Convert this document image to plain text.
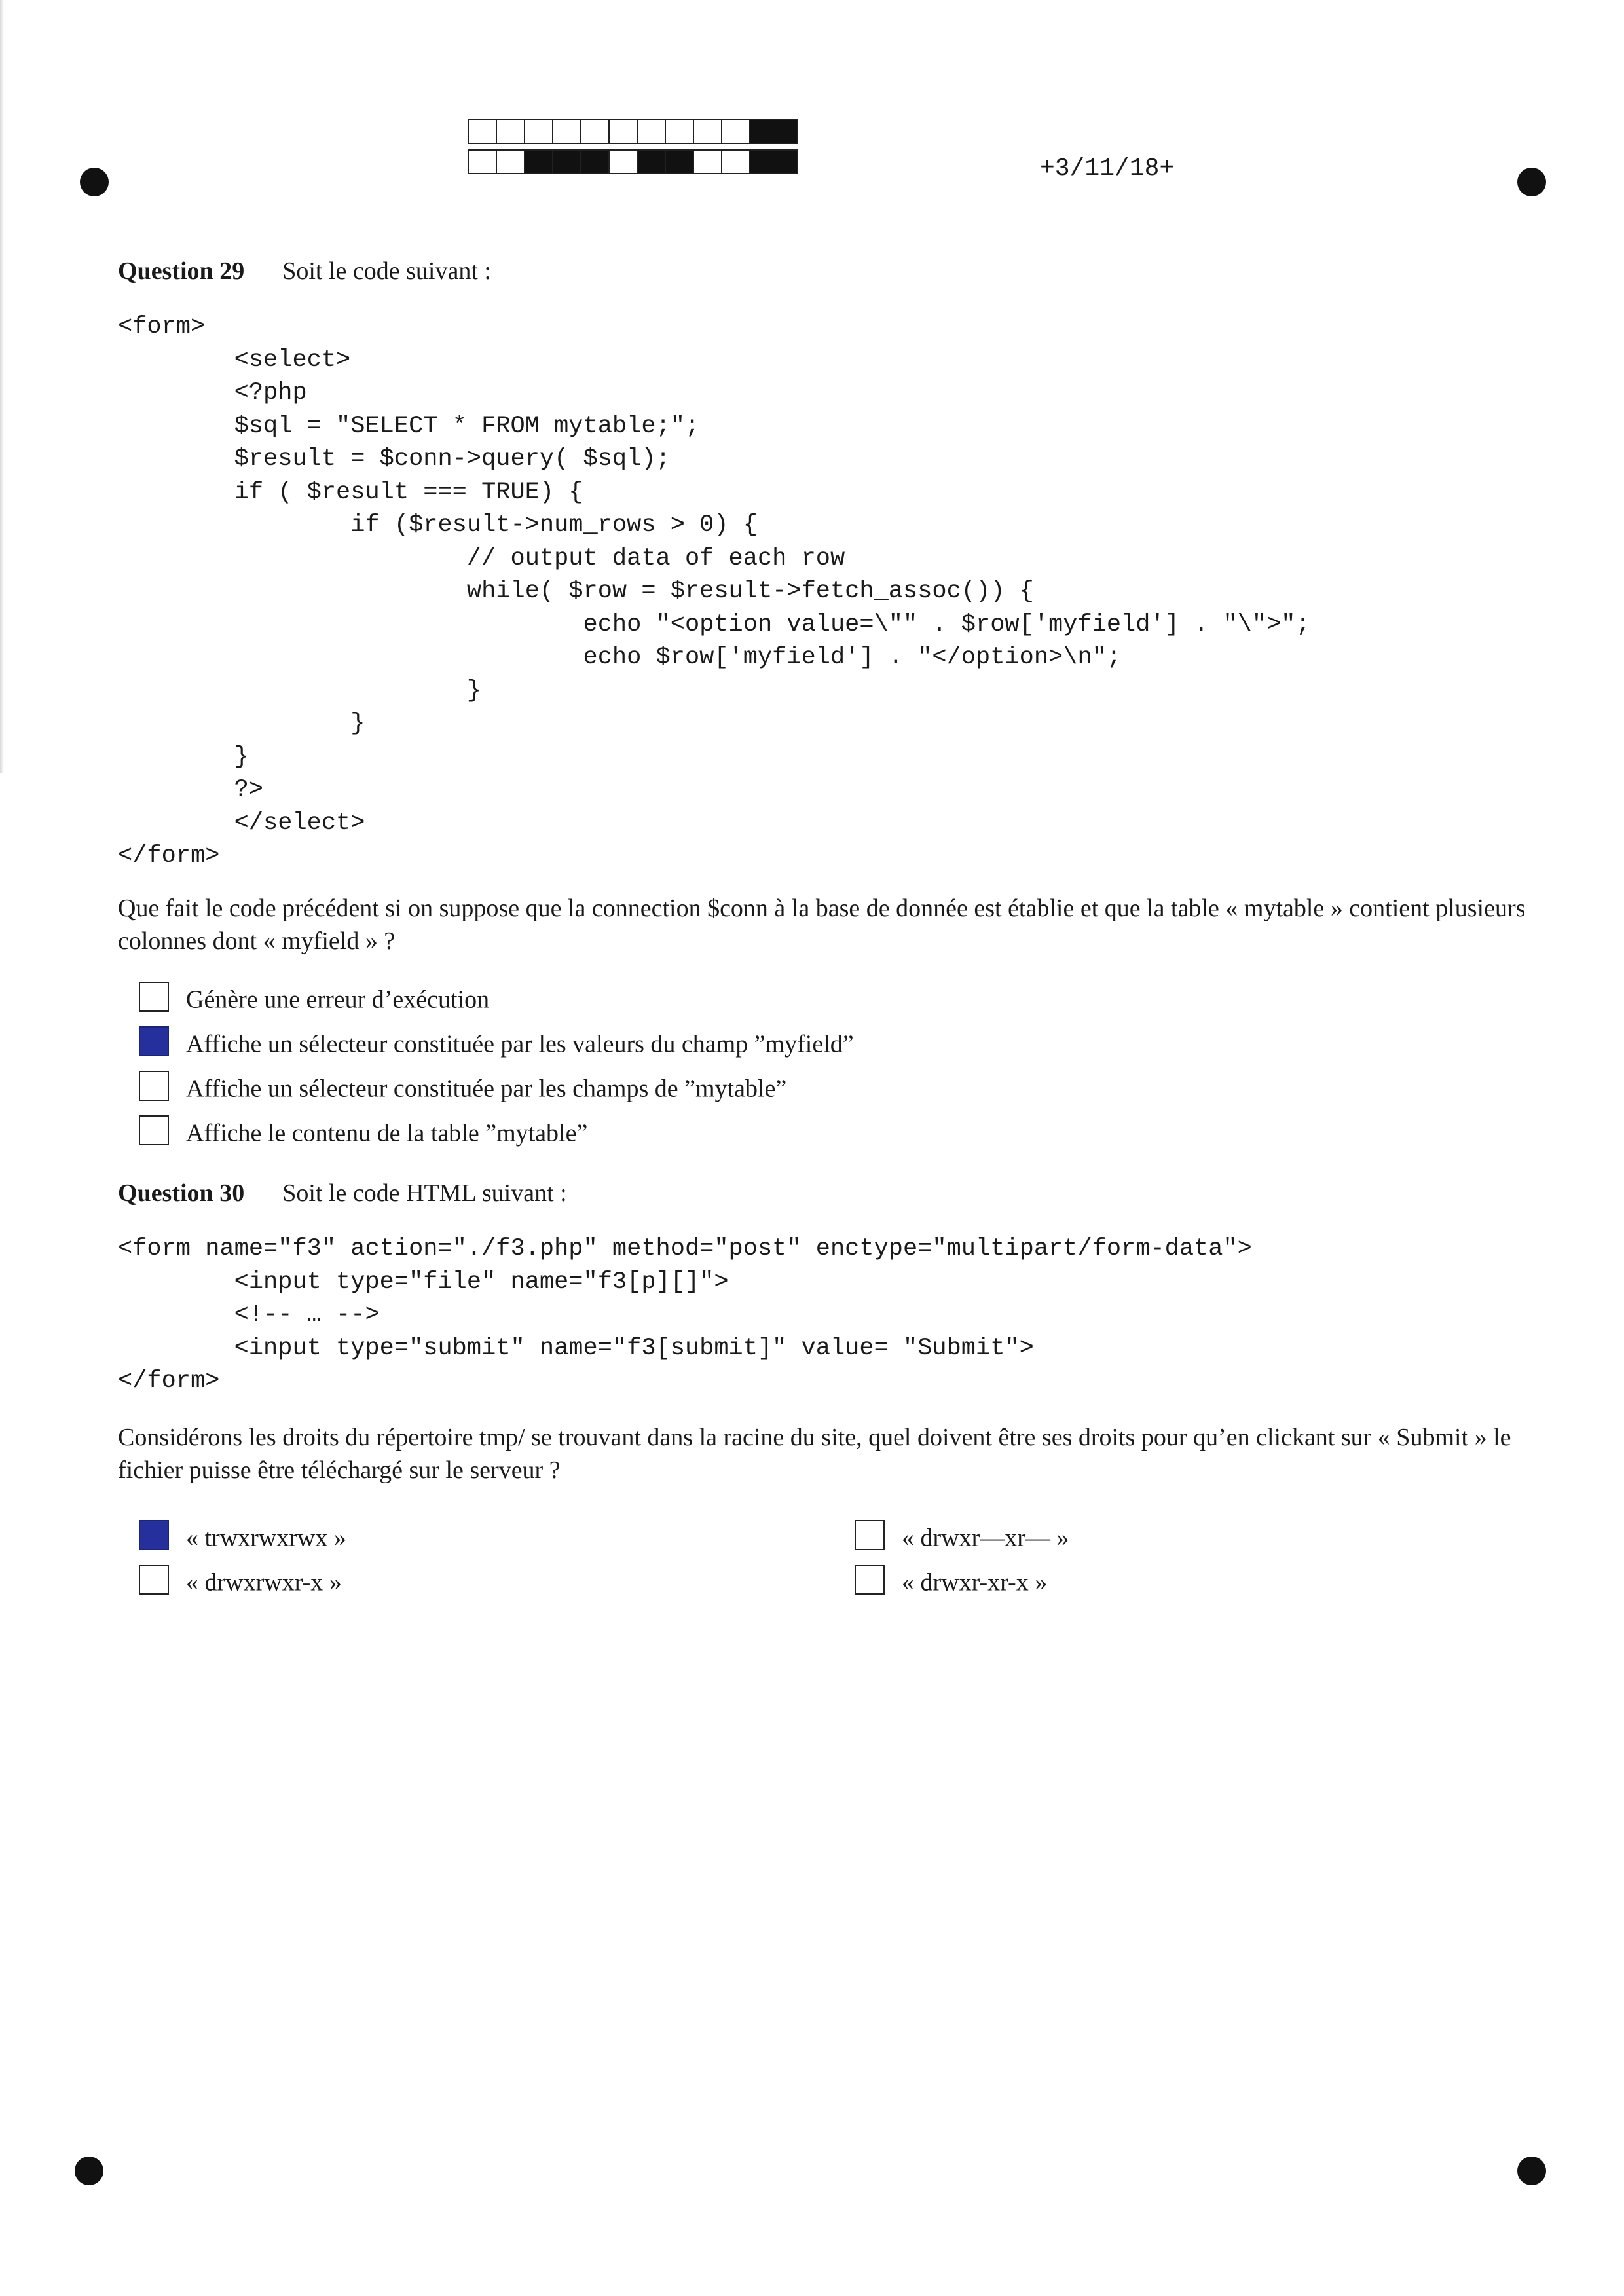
+3/11/18+
Question 29 Soit le code suivant :
<form>
<select>
<?php
$sql = "SELECT * FROM mytable;";
$result = $conn->query( $sql);
if ( $result === TRUE) {
if ($result->num_rows > 0) {
// output data of each row
while( $row = $result->fetch_assoc()) {
echo "<option value=\"" . $row['myfield'] . "\">";
echo $row['myfield'] . "</option>\n";
}
}
}
?>
</select>
</form>
Que fait le code précédent si on suppose que la connection $conn à la base de donnée est établie et que la table « mytable » contient plusieurs colonnes dont « myfield » ?
Génère une erreur d’exécution
Affiche un sélecteur constituée par les valeurs du champ ”myfield”
Affiche un sélecteur constituée par les champs de ”mytable”
Affiche le contenu de la table ”mytable”
Question 30 Soit le code HTML suivant :
<form name="f3" action="./f3.php" method="post" enctype="multipart/form-data">
<input type="file" name="f3[p][]">
<!-- … -->
<input type="submit" name="f3[submit]" value= "Submit">
</form>
Considérons les droits du répertoire tmp/ se trouvant dans la racine du site, quel doivent être ses droits pour qu’en clickant sur « Submit » le fichier puisse être téléchargé sur le serveur ?
« trwxrwxrwx »
« drwxrwxr-x »
« drwxr—xr— »
« drwxr-xr-x »
